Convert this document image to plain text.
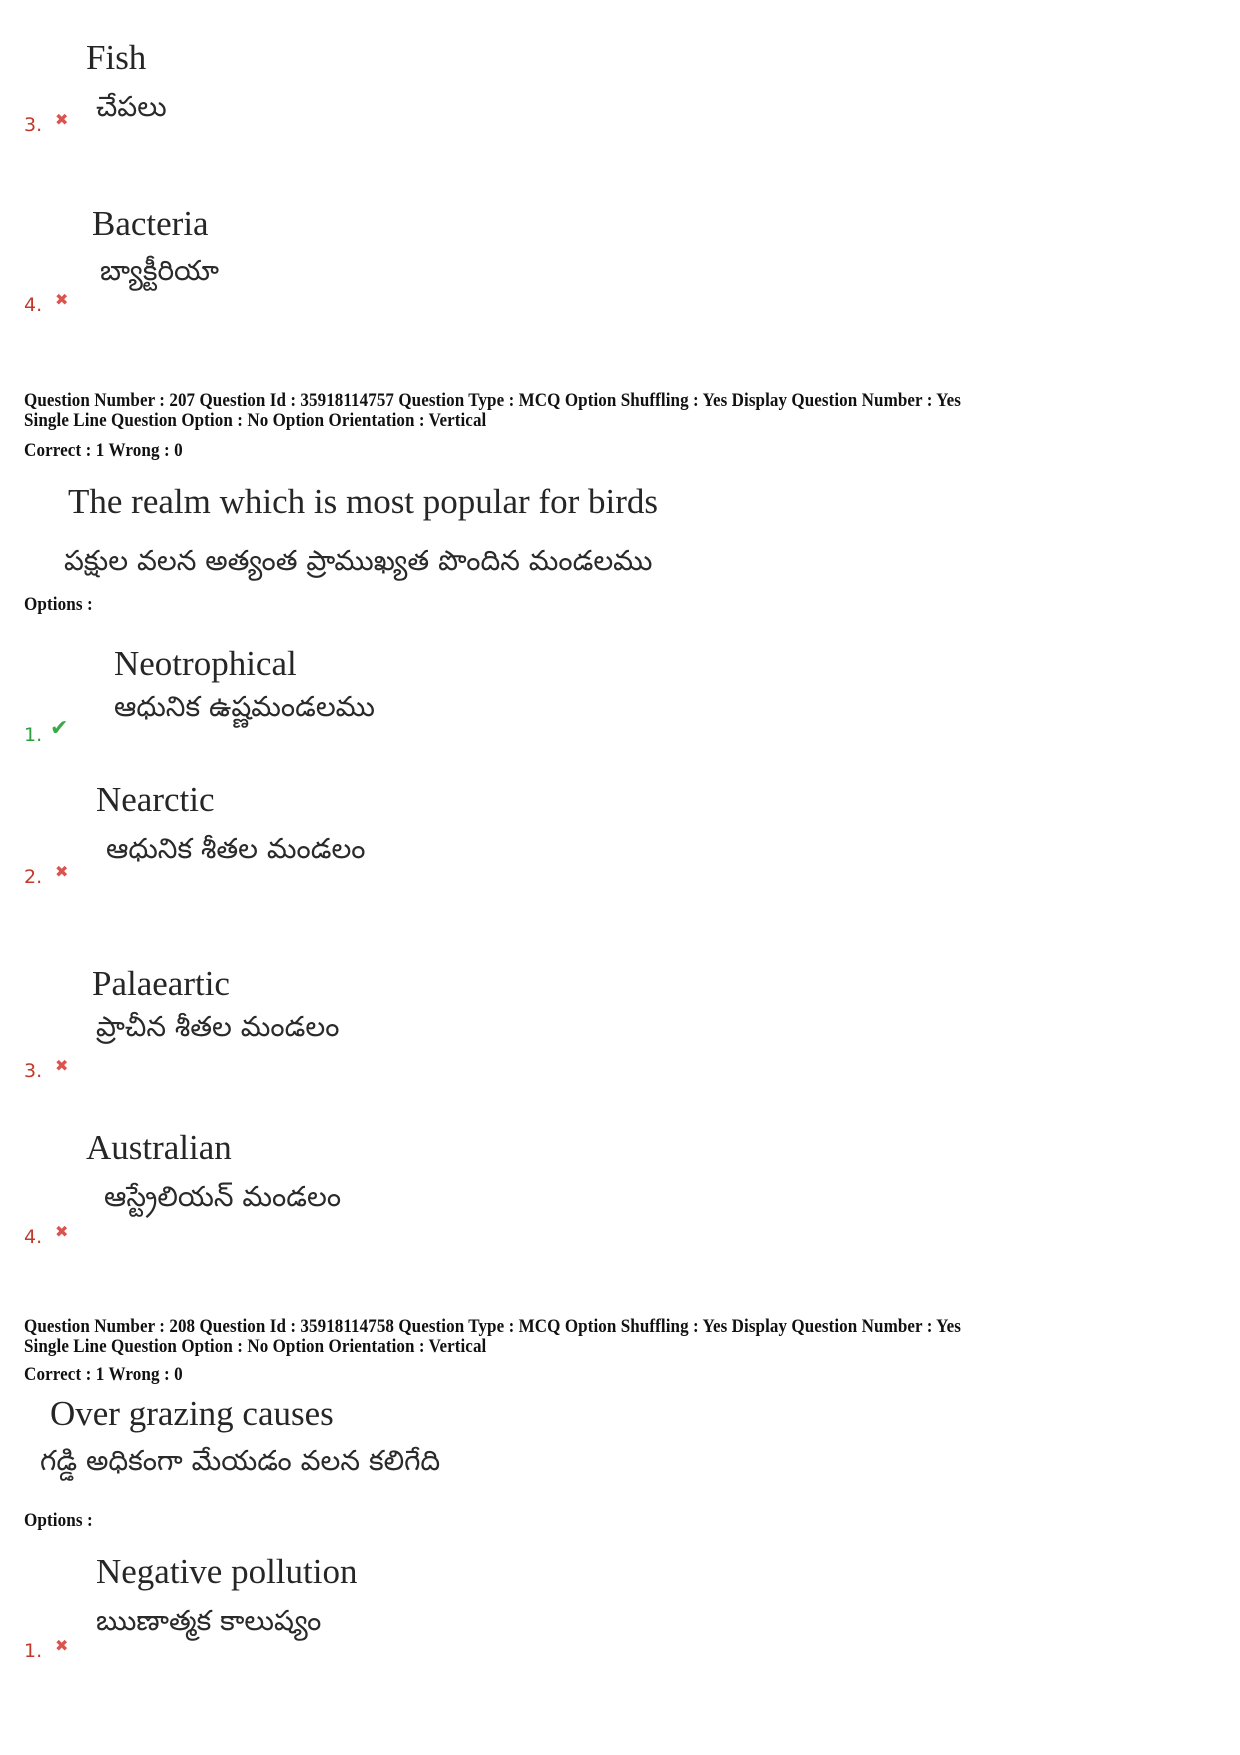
Fish
చేపలు
3. ✖
Bacteria
బ్యాక్టీరియా
4. ✖
Question Number : 207 Question Id : 35918114757 Question Type : MCQ Option Shuffling : Yes Display Question Number : Yes
Single Line Question Option : No Option Orientation : Vertical
Correct : 1 Wrong : 0
The realm which is most popular for birds
పక్షుల వలన అత్యంత ప్రాముఖ్యత పొందిన మండలము
Options :
Neotrophical
ఆధునిక ఉష్ణమండలము
1. ✔
Nearctic
ఆధునిక శీతల మండలం
2. ✖
Palaeartic
ప్రాచీన శీతల మండలం
3. ✖
Australian
ఆస్ట్రేలియన్ మండలం
4. ✖
Question Number : 208 Question Id : 35918114758 Question Type : MCQ Option Shuffling : Yes Display Question Number : Yes
Single Line Question Option : No Option Orientation : Vertical
Correct : 1 Wrong : 0
Over grazing causes
గడ్డి అధికంగా మేయడం వలన కలిగేది
Options :
Negative pollution
ఋణాత్మక కాలుష్యం
1. ✖
